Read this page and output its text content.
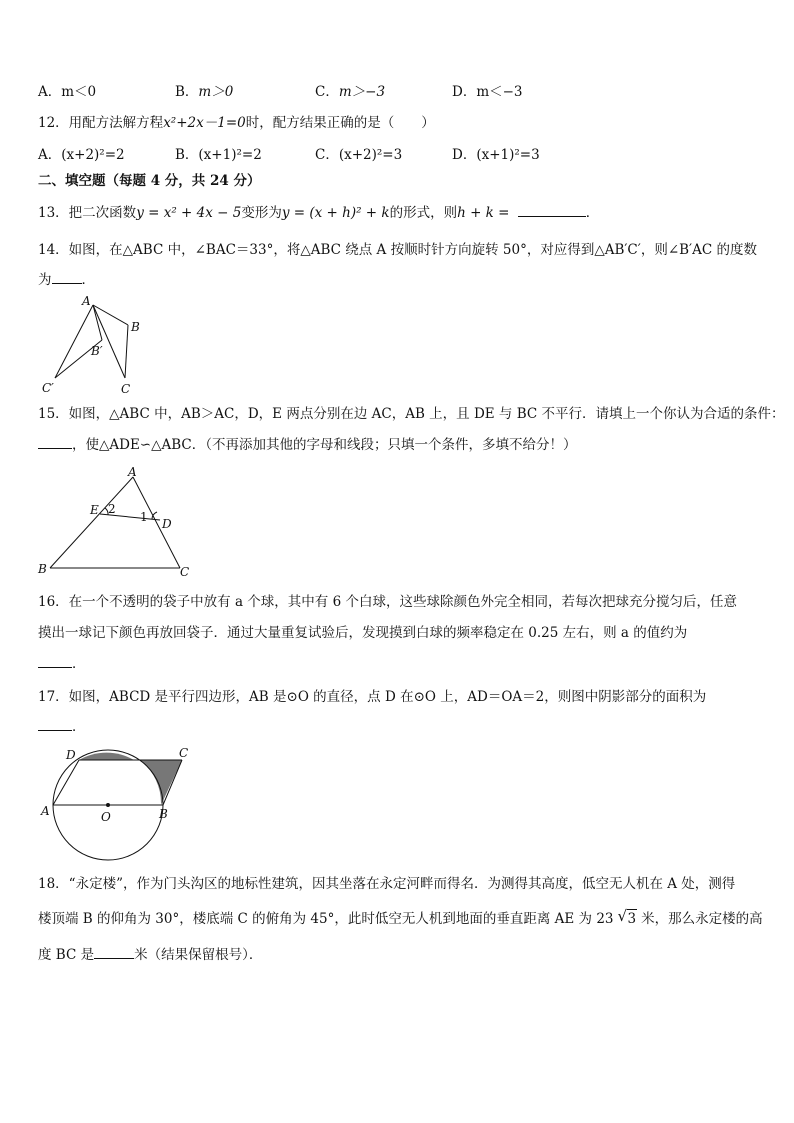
A．m＜0	B．m＞0	C．m＞−3	D．m＜−3
12．用配方法解方程x²+2x－1=0时，配方结果正确的是（　　）
A．(x+2)²=2	B．(x+1)²=2	C．(x+2)²=3	D．(x+1)²=3
二、填空题（每题 4 分，共 24 分）
13．把二次函数y = x² + 4x − 5变形为y = (x + h)² + k的形式，则h + k =	．
14．如图，在△ABC 中，∠BAC＝33°，将△ABC 绕点 A 按顺时针方向旋转 50°，对应得到△AB′C′，则∠B′AC 的度数
为 ．
A
B
B′
C′	C
15．如图，△ABC 中，AB＞AC，D，E 两点分别在边 AC，AB 上，且 DE 与 BC 不平行．请填上一个你认为合适的条件：
，使△ADE∽△ABC．（不再添加其他的字母和线段；只填一个条件，多填不给分！）
A
E 2
1 D
B	C
16．在一个不透明的袋子中放有 a 个球，其中有 6 个白球，这些球除颜色外完全相同，若每次把球充分搅匀后，任意
摸出一球记下颜色再放回袋子．通过大量重复试验后，发现摸到白球的频率稳定在 0.25 左右，则 a 的值约为
．
17．如图，ABCD 是平行四边形，AB 是⊙O 的直径，点 D 在⊙O 上，AD＝OA＝2，则图中阴影部分的面积为
．
D	C
A	O	B
18．“永定楼”，作为门头沟区的地标性建筑，因其坐落在永定河畔而得名．为测得其高度，低空无人机在 A 处，测得
楼顶端 B 的仰角为 30°，楼底端 C 的俯角为 45°，此时低空无人机到地面的垂直距离 AE 为 23 √ 3 米，那么永定楼的高
度 BC 是	米（结果保留根号）．
